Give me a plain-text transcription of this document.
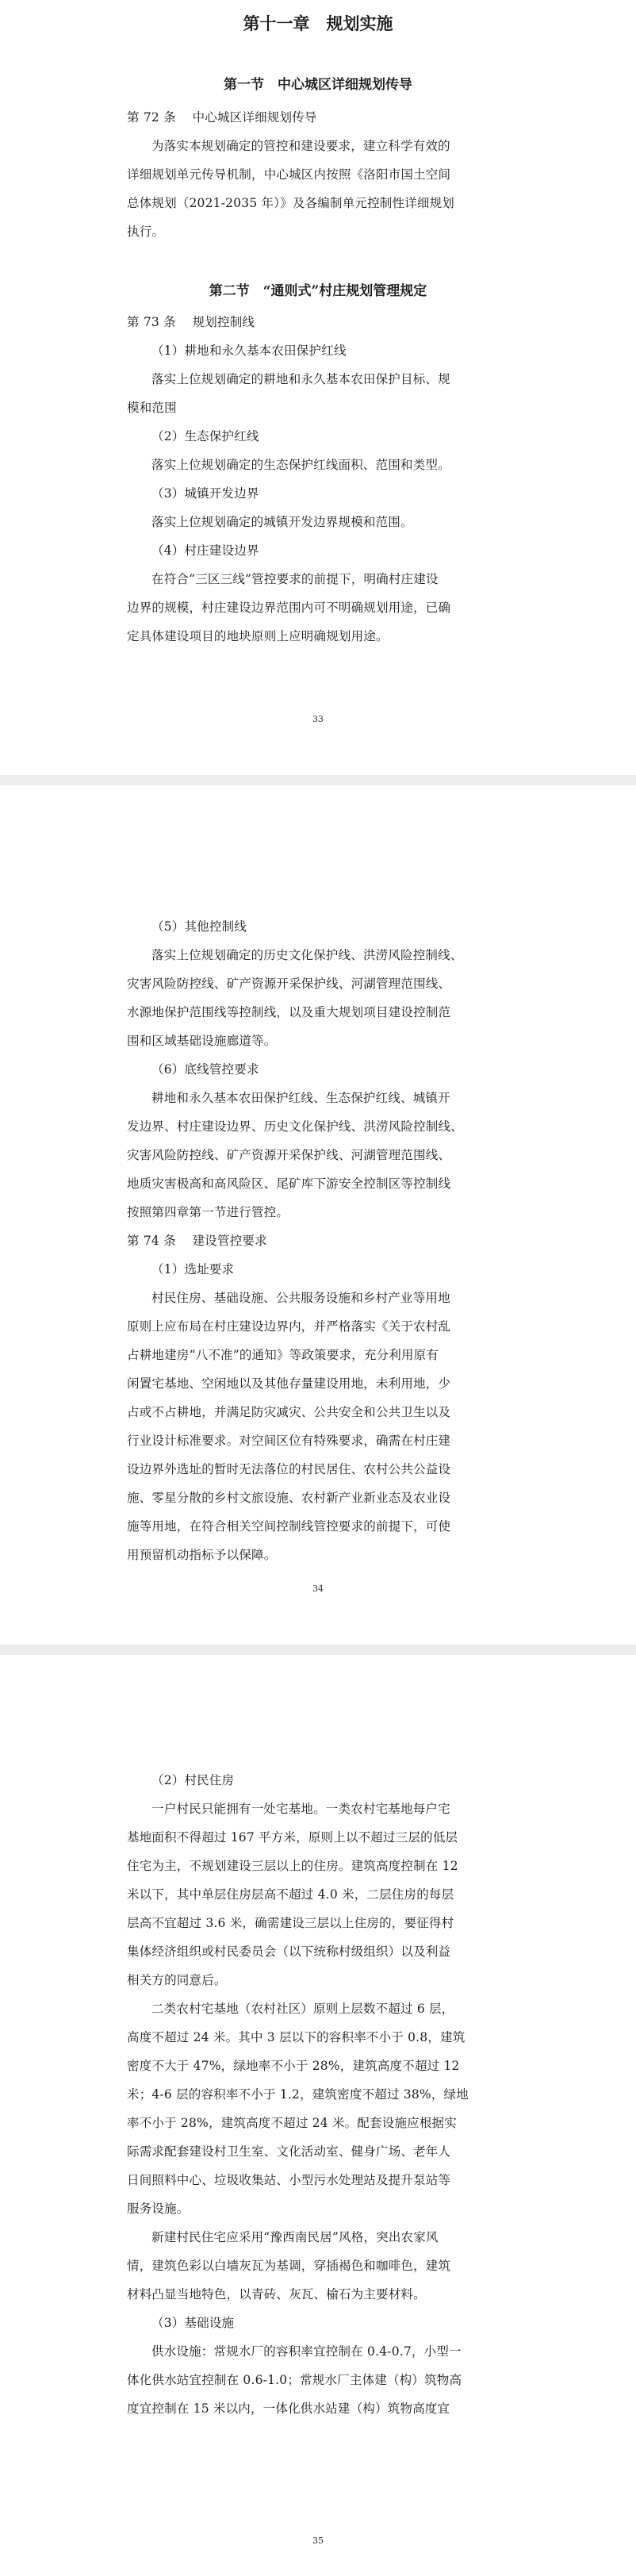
第十一章　规划实施
第一节　中心城区详细规划传导
第 72 条　 中心城区详细规划传导
为落实本规划确定的管控和建设要求，建立科学有效的
详细规划单元传导机制，中心城区内按照《洛阳市国土空间
总体规划（2021-2035 年）》及各编制单元控制性详细规划
执行。
第二节　“通则式”村庄规划管理规定
第 73 条　 规划控制线
（1）耕地和永久基本农田保护红线
落实上位规划确定的耕地和永久基本农田保护目标、规
模和范围
（2）生态保护红线
落实上位规划确定的生态保护红线面积、范围和类型。
（3）城镇开发边界
落实上位规划确定的城镇开发边界规模和范围。
（4）村庄建设边界
在符合“三区三线”管控要求的前提下，明确村庄建设
边界的规模，村庄建设边界范围内可不明确规划用途，已确
定具体建设项目的地块原则上应明确规划用途。
33
（5）其他控制线
落实上位规划确定的历史文化保护线、洪涝风险控制线、
灾害风险防控线、矿产资源开采保护线、河湖管理范围线、
水源地保护范围线等控制线，以及重大规划项目建设控制范
围和区域基础设施廊道等。
（6）底线管控要求
耕地和永久基本农田保护红线、生态保护红线、城镇开
发边界、村庄建设边界、历史文化保护线、洪涝风险控制线、
灾害风险防控线、矿产资源开采保护线、河湖管理范围线、
地质灾害极高和高风险区、尾矿库下游安全控制区等控制线
按照第四章第一节进行管控。
第 74 条　 建设管控要求
（1）选址要求
村民住房、基础设施、公共服务设施和乡村产业等用地
原则上应布局在村庄建设边界内，并严格落实《关于农村乱
占耕地建房“八不准”的通知》等政策要求，充分利用原有
闲置宅基地、空闲地以及其他存量建设用地，未利用地，少
占或不占耕地，并满足防灾减灾、公共安全和公共卫生以及
行业设计标准要求。对空间区位有特殊要求，确需在村庄建
设边界外选址的暂时无法落位的村民居住、农村公共公益设
施、零星分散的乡村文旅设施、农村新产业新业态及农业设
施等用地，在符合相关空间控制线管控要求的前提下，可使
用预留机动指标予以保障。
34
（2）村民住房
一户村民只能拥有一处宅基地。一类农村宅基地每户宅
基地面积不得超过 167 平方米，原则上以不超过三层的低层
住宅为主，不规划建设三层以上的住房。建筑高度控制在 12
米以下，其中单层住房层高不超过 4.0 米，二层住房的每层
层高不宜超过 3.6 米，确需建设三层以上住房的，要征得村
集体经济组织或村民委员会（以下统称村级组织）以及利益
相关方的同意后。
二类农村宅基地（农村社区）原则上层数不超过 6 层，
高度不超过 24 米。其中 3 层以下的容积率不小于 0.8，建筑
密度不大于 47%，绿地率不小于 28%，建筑高度不超过 12
米；4-6 层的容积率不小于 1.2，建筑密度不超过 38%，绿地
率不小于 28%，建筑高度不超过 24 米。配套设施应根据实
际需求配套建设村卫生室、文化活动室、健身广场、老年人
日间照料中心、垃圾收集站、小型污水处理站及提升泵站等
服务设施。
新建村民住宅应采用“豫西南民居”风格，突出农家风
情，建筑色彩以白墙灰瓦为基调，穿插褐色和咖啡色，建筑
材料凸显当地特色，以青砖、灰瓦、榆石为主要材料。
（3）基础设施
供水设施：常规水厂的容积率宜控制在 0.4-0.7，小型一
体化供水站宜控制在 0.6-1.0；常规水厂主体建（构）筑物高
度宜控制在 15 米以内，一体化供水站建（构）筑物高度宜
35
